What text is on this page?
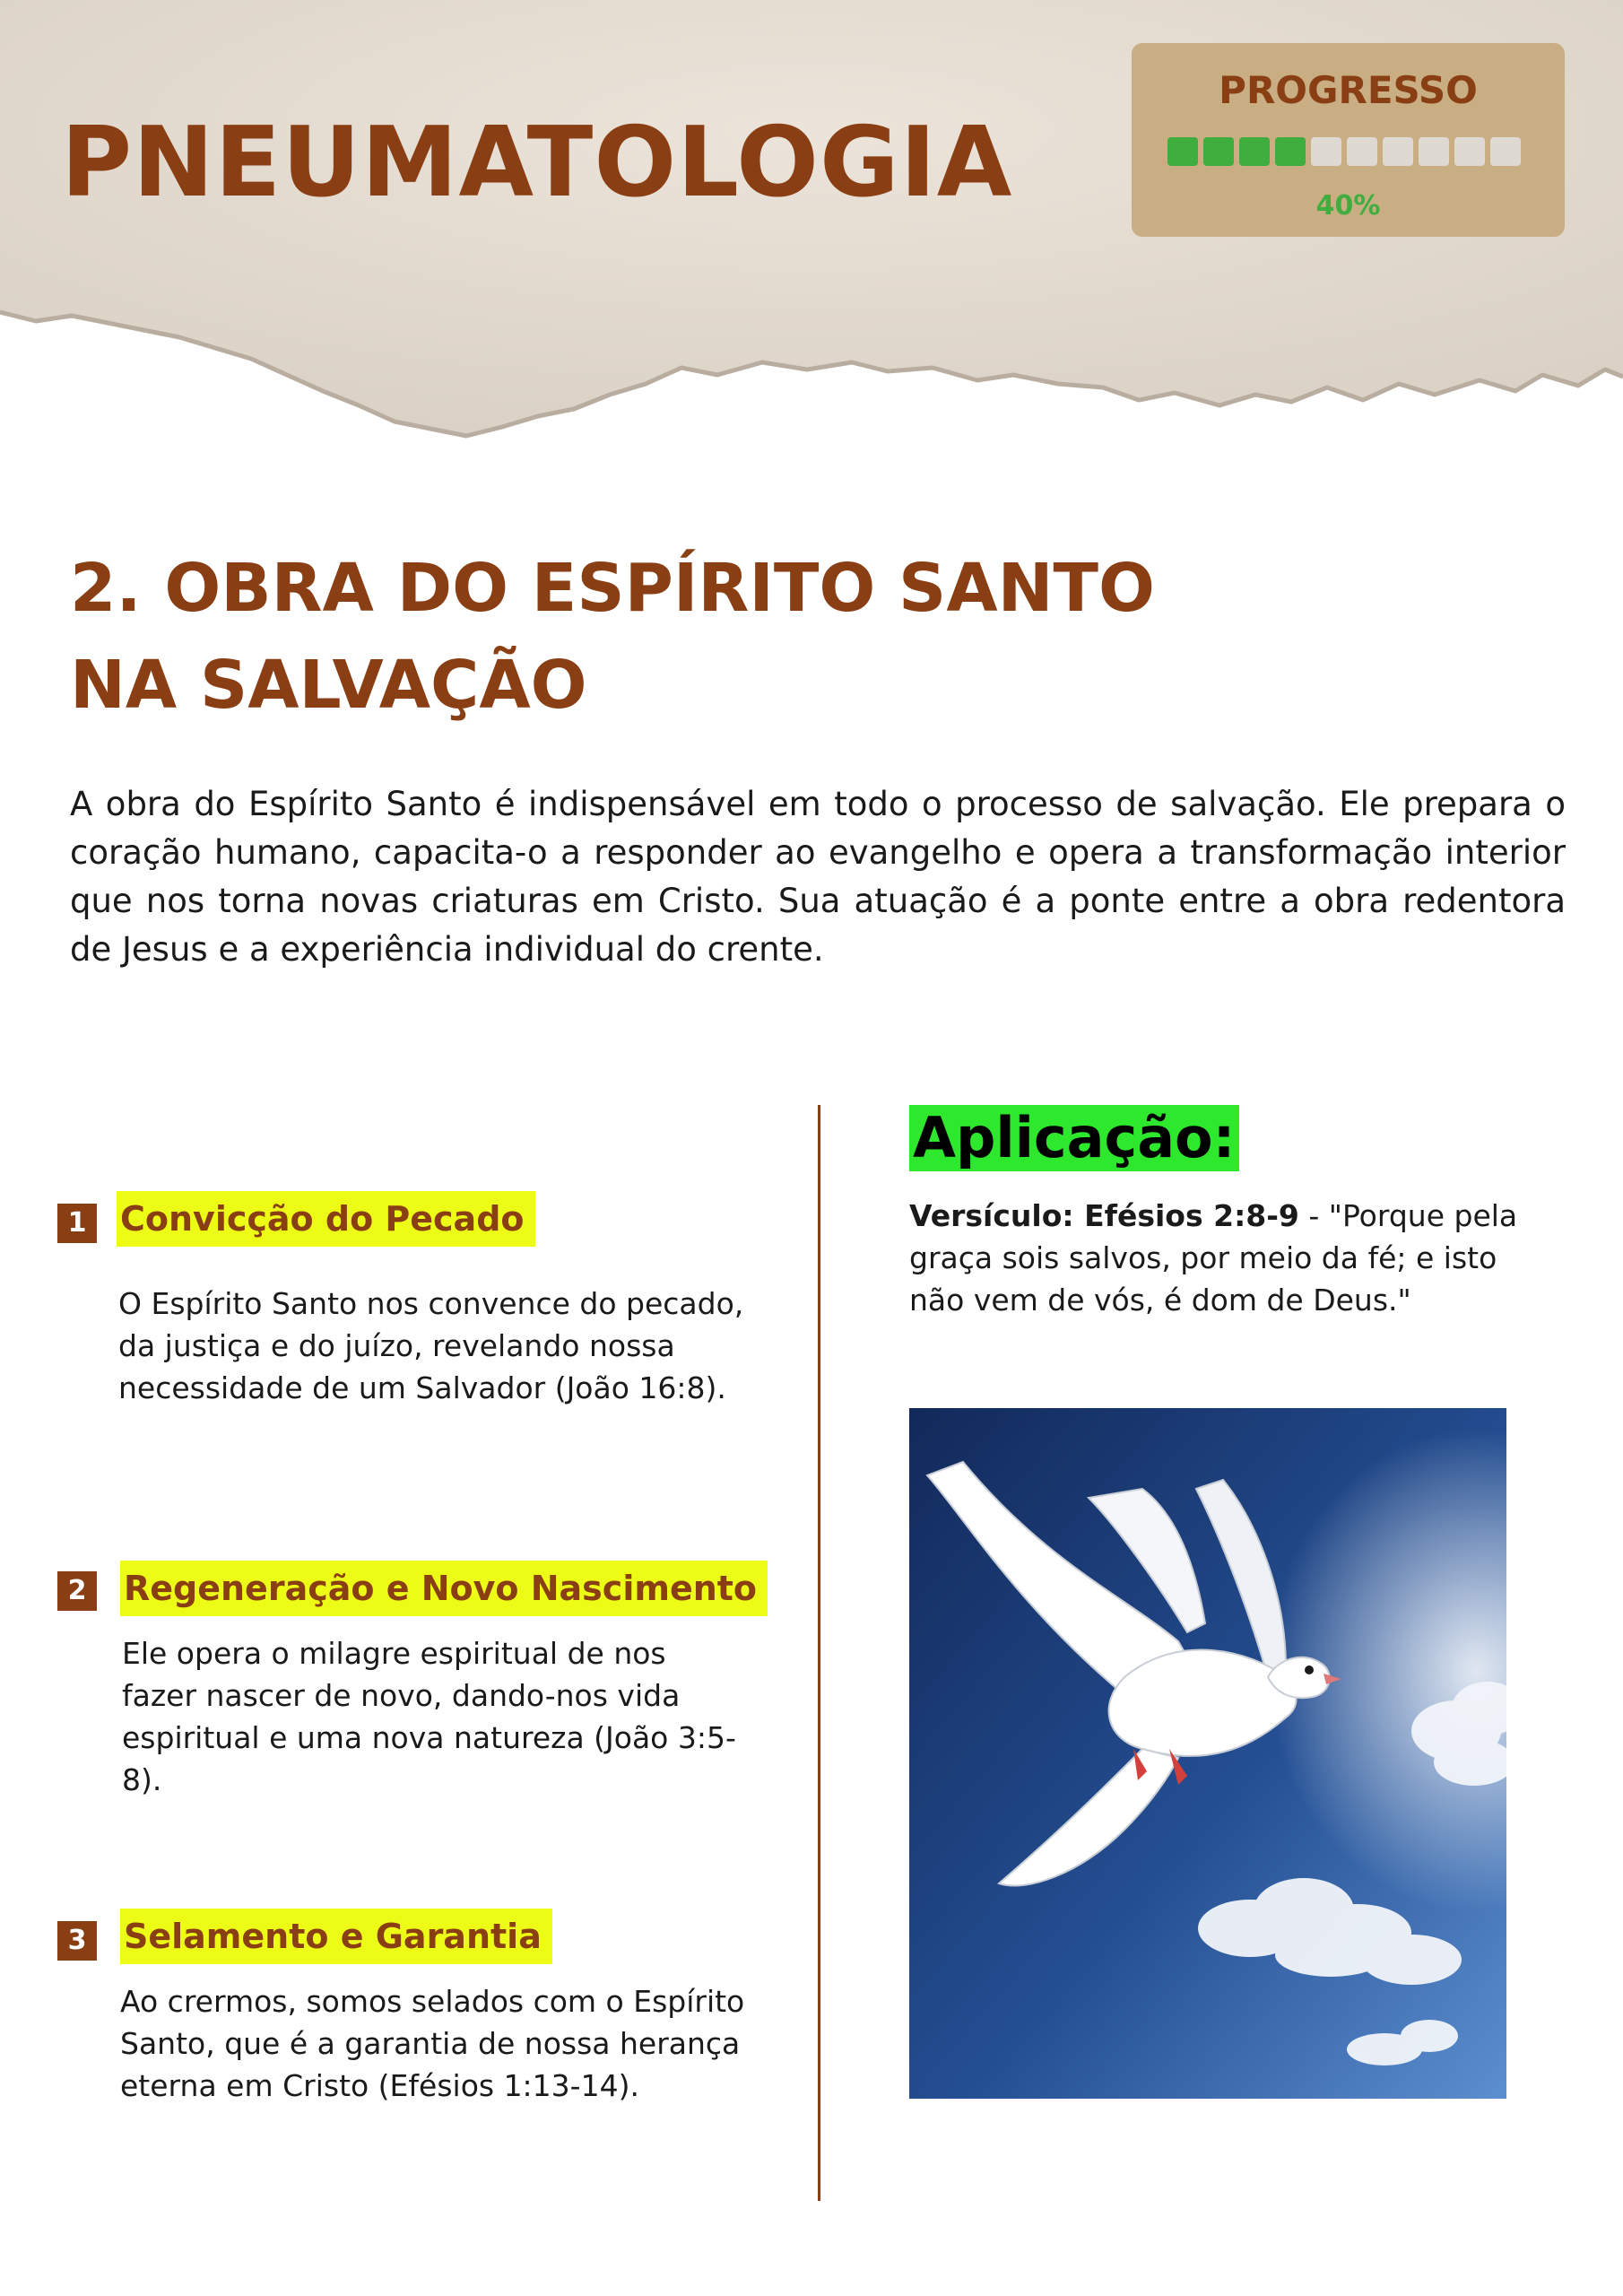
PNEUMATOLOGIA
PROGRESSO
40%
2. OBRA DO ESPÍRITO SANTO
NA SALVAÇÃO

A obra do Espírito Santo é indispensável em todo o processo de salvação. Ele prepara o coração humano, capacita-o a responder ao evangelho e opera a transformação interior que nos torna novas criaturas em Cristo. Sua atuação é a ponte entre a obra redentora de Jesus e a experiência individual do crente.

1 Convicção do Pecado

O Espírito Santo nos convence do pecado, da justiça e do juízo, revelando nossa necessidade de um Salvador (João 16:8).

2	Regeneração e Novo Nascimento

Ele opera o milagre espiritual de nos fazer nascer de novo, dando-nos vida espiritual e uma nova natureza (João 3:5-8).

3	Selamento e Garantia

Ao crermos, somos selados com o Espírito Santo, que é a garantia de nossa herança eterna em Cristo (Efésios 1:13-14).

Aplicação:

Versículo: Efésios 2:8-9 - "Porque pela graça sois salvos, por meio da fé; e isto não vem de vós, é dom de Deus."
